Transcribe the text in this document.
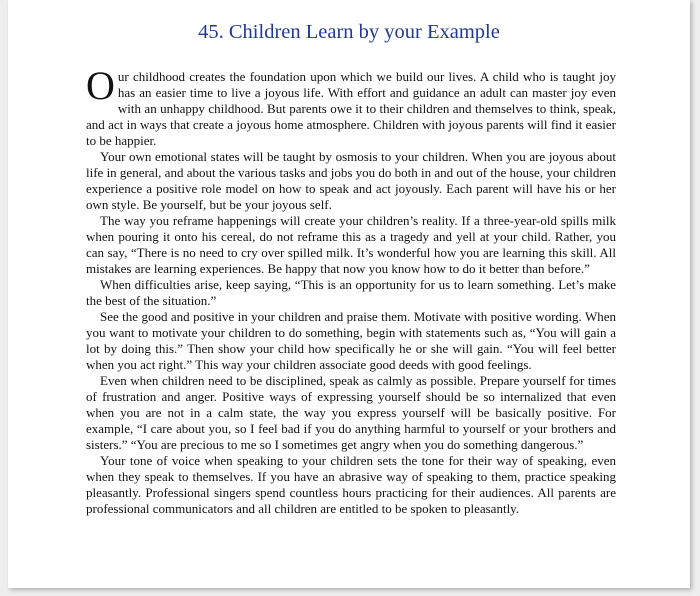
45. Children Learn by your Example

Our childhood creates the foundation upon which we build our lives. A child who is taught joy has an easier time to live a joyous life. With effort and guidance an adult can master joy even with an unhappy childhood. But parents owe it to their children and themselves to think, speak, and act in ways that create a joyous home atmosphere. Children with joyous parents will find it easier to be happier.

Your own emotional states will be taught by osmosis to your children. When you are joyous about life in general, and about the various tasks and jobs you do both in and out of the house, your children experience a positive role model on how to speak and act joyously. Each parent will have his or her own style. Be yourself, but be your joyous self.

The way you reframe happenings will create your children’s reality. If a three-year-old spills milk when pouring it onto his cereal, do not reframe this as a tragedy and yell at your child. Rather, you can say, “There is no need to cry over spilled milk. It’s wonderful how you are learning this skill. All mistakes are learning experiences. Be happy that now you know how to do it better than before.”

When difficulties arise, keep saying, “This is an opportunity for us to learn something. Let’s make the best of the situation.”

See the good and positive in your children and praise them. Motivate with positive wording. When you want to motivate your children to do something, begin with statements such as, “You will gain a lot by doing this.” Then show your child how specifically he or she will gain. “You will feel better when you act right.” This way your children associate good deeds with good feelings.

Even when children need to be disciplined, speak as calmly as possible. Prepare yourself for times of frustration and anger. Positive ways of expressing yourself should be so internalized that even when you are not in a calm state, the way you express yourself will be basically positive. For example, “I care about you, so I feel bad if you do anything harmful to yourself or your brothers and sisters.” “You are precious to me so I sometimes get angry when you do something dangerous.”

Your tone of voice when speaking to your children sets the tone for their way of speaking, even when they speak to themselves. If you have an abrasive way of speaking to them, practice speaking pleasantly. Professional singers spend countless hours practicing for their audiences. All parents are professional communicators and all children are entitled to be spoken to pleasantly.
